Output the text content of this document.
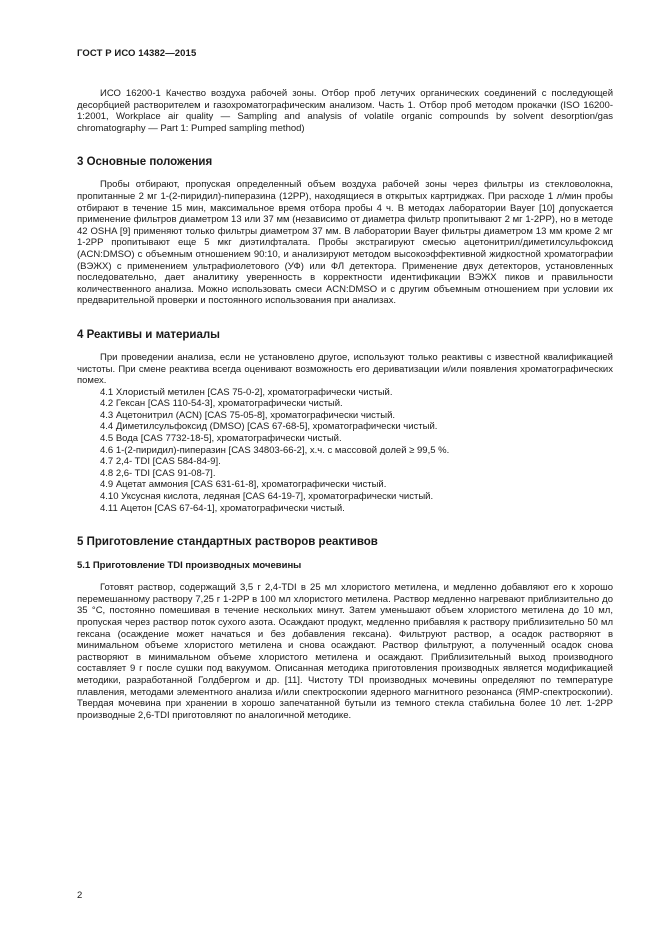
ГОСТ Р ИСО 14382—2015

ИСО 16200-1 Качество воздуха рабочей зоны. Отбор проб летучих органических соединений с последующей десорбцией растворителем и газохроматографическим анализом. Часть 1. Отбор проб методом прокачки (ISO 16200-1:2001, Workplace air quality — Sampling and analysis of volatile organic compounds by solvent desorption/gas chromatography — Part 1: Pumped sampling method)

3 Основные положения

Пробы отбирают, пропуская определенный объем воздуха рабочей зоны через фильтры из стекловолокна, пропитанные 2 мг 1-(2-пиридил)-пиперазина (12PP), находящиеся в открытых картриджах. При расходе 1 л/мин пробы отбирают в течение 15 мин, максимальное время отбора пробы 4 ч. В методах лаборатории Bayer [10] допускается применение фильтров диаметром 13 или 37 мм (независимо от диаметра фильтр пропитывают 2 мг 1-2PP), но в методе 42 OSHA [9] применяют только фильтры диаметром 37 мм. В лаборатории Bayer фильтры диаметром 13 мм кроме 2 мг 1-2PP пропитывают еще 5 мкг диэтилфталата. Пробы экстрагируют смесью ацетонитрил/диметилсульфоксид (ACN:DMSO) с объемным отношением 90:10, и анализируют методом высокоэффективной жидкостной хроматографии (ВЭЖХ) с применением ультрафиолетового (УФ) или ФЛ детектора. Применение двух детекторов, установленных последовательно, дает аналитику уверенность в корректности идентификации ВЭЖХ пиков и правильности количественного анализа. Можно использовать смеси ACN:DMSO и с другим объемным отношением при условии их предварительной проверки и постоянного использования при анализах.

4 Реактивы и материалы

При проведении анализа, если не установлено другое, используют только реактивы с известной квалификацией чистоты. При смене реактива всегда оценивают возможность его дериватизации и/или появления хроматографических помех.

4.1 Хлористый метилен [CAS 75-0-2], хроматографически чистый.
4.2 Гексан [CAS 110-54-3], хроматографически чистый.
4.3 Ацетонитрил (ACN) [CAS 75-05-8], хроматографически чистый.
4.4 Диметилсульфоксид (DMSO) [CAS 67-68-5], хроматографически чистый.
4.5 Вода [CAS 7732-18-5], хроматографически чистый.
4.6 1-(2-пиридил)-пиперазин [CAS 34803-66-2], х.ч. с массовой долей ≥ 99,5 %.
4.7 2,4- TDI [CAS 584-84-9].
4.8 2,6- TDI [CAS 91-08-7].
4.9 Ацетат аммония [CAS 631-61-8], хроматографически чистый.
4.10 Уксусная кислота, ледяная [CAS 64-19-7], хроматографически чистый.
4.11 Ацетон [CAS 67-64-1], хроматографически чистый.
5 Приготовление стандартных растворов реактивов
5.1 Приготовление TDI производных мочевины

Готовят раствор, содержащий 3,5 г 2,4-TDI в 25 мл хлористого метилена, и медленно добавляют его к хорошо перемешанному раствору 7,25 г 1-2PP в 100 мл хлористого метилена. Раствор медленно нагревают приблизительно до 35 °С, постоянно помешивая в течение нескольких минут. Затем уменьшают объем хлористого метилена до 10 мл, пропуская через раствор поток сухого азота. Осаждают продукт, медленно прибавляя к раствору приблизительно 50 мл гексана (осаждение может начаться и без добавления гексана). Фильтруют раствор, а осадок растворяют в минимальном объеме хлористого метилена и снова осаждают. Раствор фильтруют, а полученный осадок снова растворяют в минимальном объеме хлористого метилена и осаждают. Приблизительный выход производного составляет 9 г после сушки под вакуумом. Описанная методика приготовления производных является модификацией методики, разработанной Голдбергом и др. [11]. Чистоту TDI производных мочевины определяют по температуре плавления, методами элементного анализа и/или спектроскопии ядерного магнитного резонанса (ЯМР-спектроскопии). Твердая мочевина при хранении в хорошо запечатанной бутыли из темного стекла стабильна более 10 лет. 1-2PP производные 2,6-TDI приготовляют по аналогичной методике.

2
